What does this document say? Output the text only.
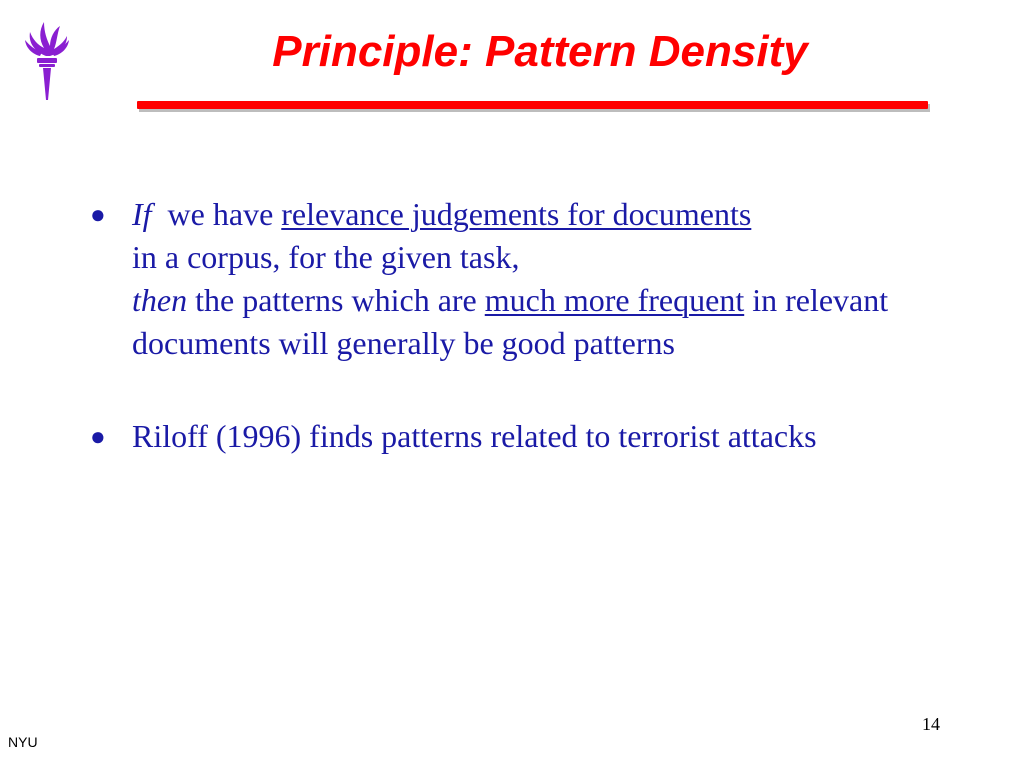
Principle: Pattern Density
● If we have relevance judgements for documents
in a corpus, for the given task,
then the patterns which are much more frequent in relevant documents will generally be good patterns
● Riloff (1996) finds patterns related to terrorist attacks
NYU
14
